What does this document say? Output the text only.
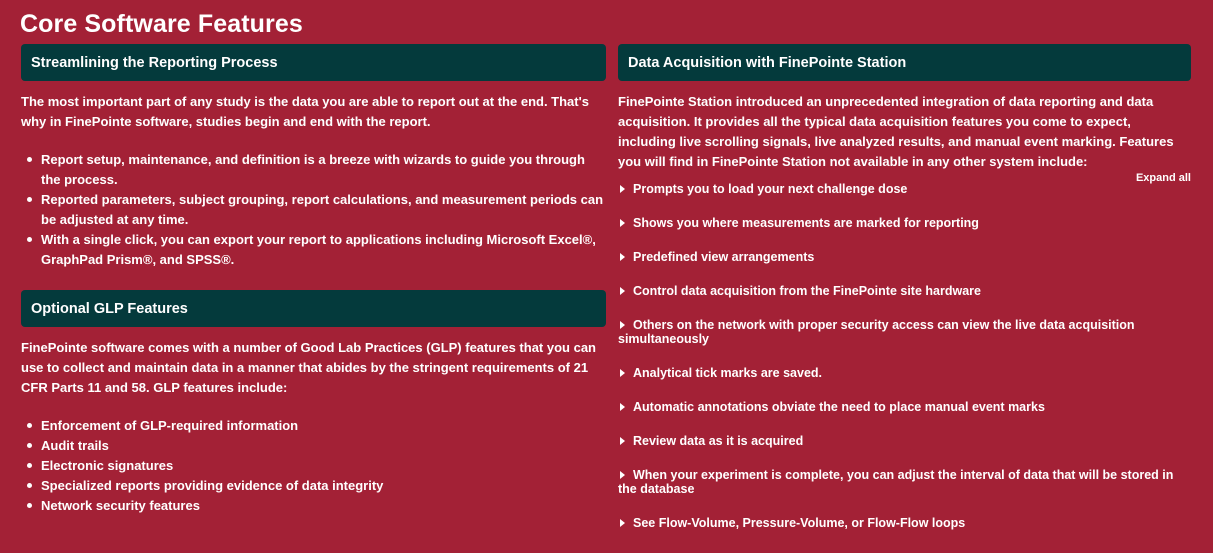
Core Software Features
Streamlining the Reporting Process

The most important part of any study is the data you are able to report out at the end. That's why in FinePointe software, studies begin and end with the report.

Report setup, maintenance, and definition is a breeze with wizards to guide you through the process.
Reported parameters, subject grouping, report calculations, and measurement periods can be adjusted at any time.
With a single click, you can export your report to applications including Microsoft Excel®, GraphPad Prism®, and SPSS®.
Optional GLP Features

FinePointe software comes with a number of Good Lab Practices (GLP) features that you can use to collect and maintain data in a manner that abides by the stringent requirements of 21 CFR Parts 11 and 58. GLP features include:

Enforcement of GLP-required information
Audit trails
Electronic signatures
Specialized reports providing evidence of data integrity
Network security features
Data Acquisition with FinePointe Station

FinePointe Station introduced an unprecedented integration of data reporting and data acquisition. It provides all the typical data acquisition features you come to expect, including live scrolling signals, live analyzed results, and manual event marking. Features you will find in FinePointe Station not available in any other system include:

Expand all
Prompts you to load your next challenge dose
Shows you where measurements are marked for reporting
Predefined view arrangements
Control data acquisition from the FinePointe site hardware
Others on the network with proper security access can view the live data acquisition simultaneously
Analytical tick marks are saved.
Automatic annotations obviate the need to place manual event marks
Review data as it is acquired
When your experiment is complete, you can adjust the interval of data that will be stored in the database
See Flow-Volume, Pressure-Volume, or Flow-Flow loops
